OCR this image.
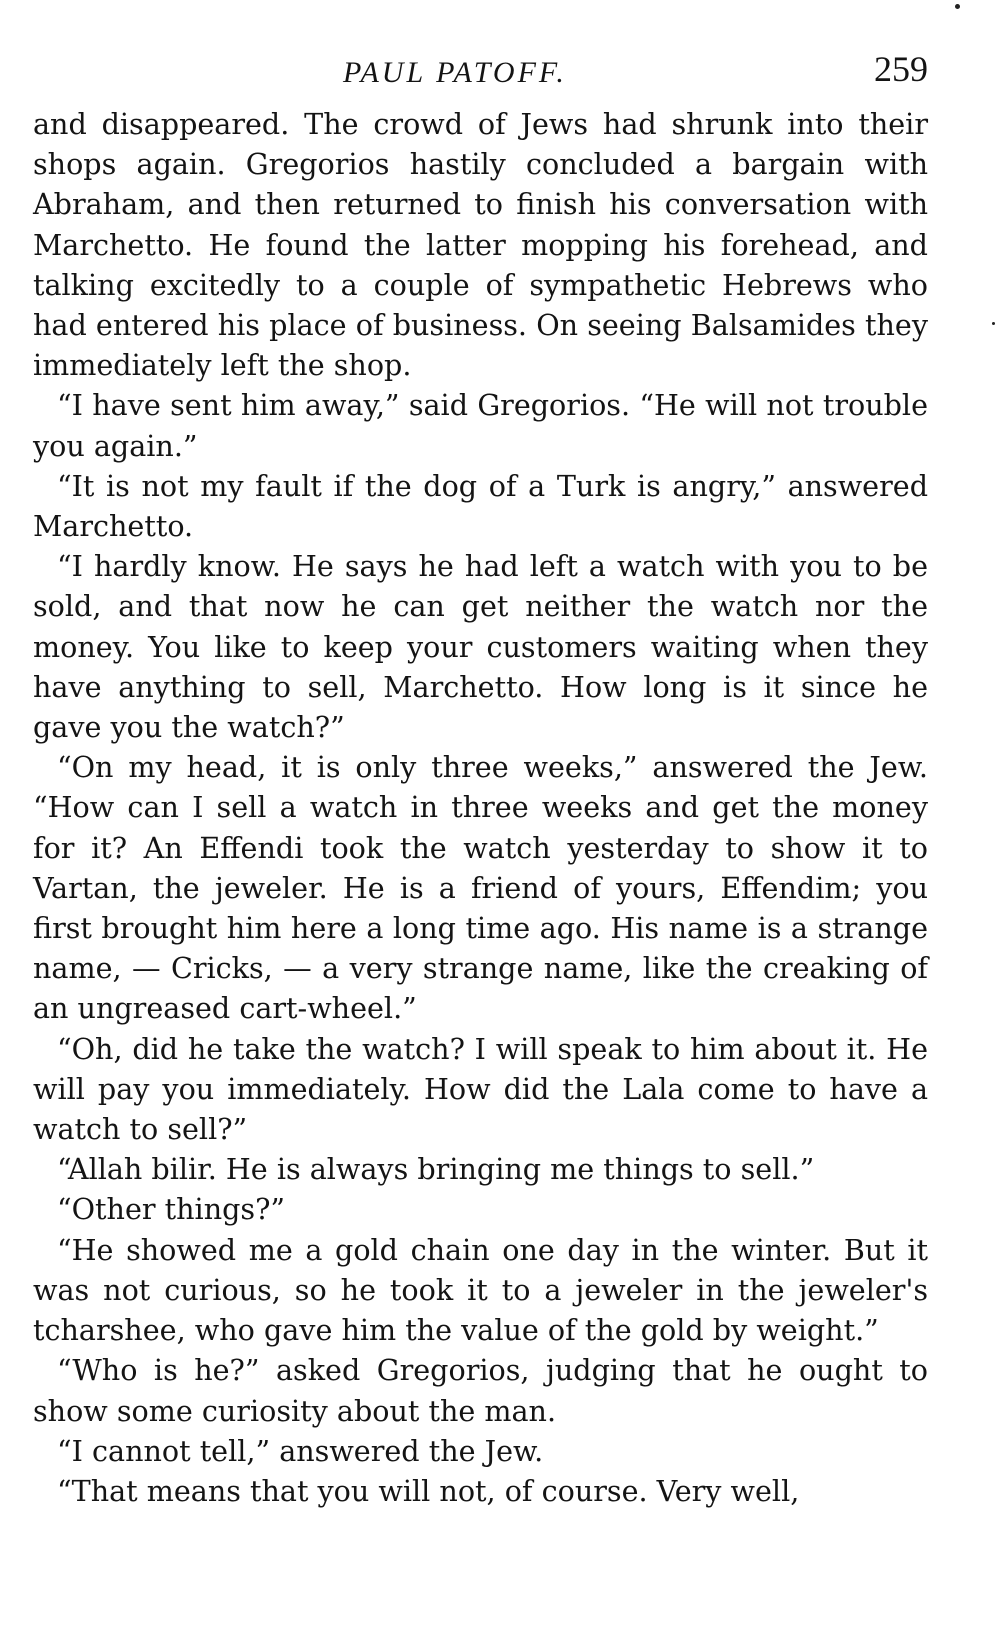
PAUL PATOFF.	259

and disappeared. The crowd of Jews had shrunk into their shops again. Gregorios hastily concluded a bargain with Abraham, and then returned to finish his conversation with Marchetto. He found the latter mopping his forehead, and talking excitedly to a couple of sympathetic Hebrews who had entered his place of business. On seeing Balsamides they immediately left the shop.

“I have sent him away,” said Gregorios. “He will not trouble you again.”

“It is not my fault if the dog of a Turk is angry,” answered Marchetto.

“I hardly know. He says he had left a watch with you to be sold, and that now he can get neither the watch nor the money. You like to keep your customers waiting when they have anything to sell, Marchetto. How long is it since he gave you the watch?”

“On my head, it is only three weeks,” answered the Jew. “How can I sell a watch in three weeks and get the money for it? An Effendi took the watch yesterday to show it to Vartan, the jeweler. He is a friend of yours, Effendim; you first brought him here a long time ago. His name is a strange name, — Cricks, — a very strange name, like the creaking of an ungreased cart-wheel.”

“Oh, did he take the watch? I will speak to him about it. He will pay you immediately. How did the Lala come to have a watch to sell?”

“Allah bilir. He is always bringing me things to sell.”

“Other things?”

“He showed me a gold chain one day in the winter. But it was not curious, so he took it to a jeweler in the jeweler's tcharshee, who gave him the value of the gold by weight.”

“Who is he?” asked Gregorios, judging that he ought to show some curiosity about the man.

“I cannot tell,” answered the Jew.

“That means that you will not, of course. Very well,
